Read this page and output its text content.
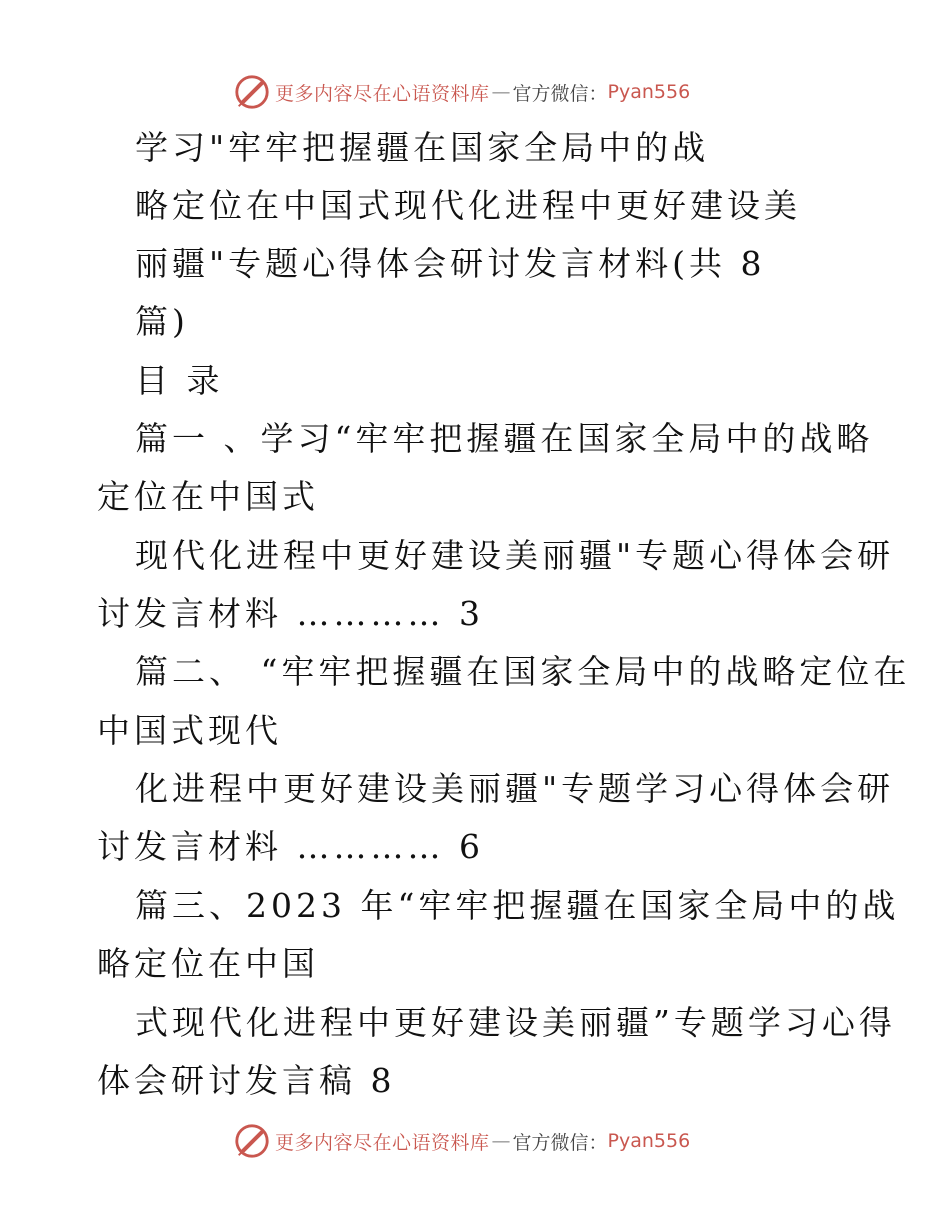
更多内容尽在心语资料库 — 官方微信： Pyan556
学习"牢牢把握疆在国家全局中的战
略定位在中国式现代化进程中更好建设美
丽疆"专题心得体会研讨发言材料(共 8
篇)
目 录
篇一 、学习“牢牢把握疆在国家全局中的战略
定位在中国式
现代化进程中更好建设美丽疆"专题心得体会研
讨发言材料 ………… 3
篇二、 “牢牢把握疆在国家全局中的战略定位在
中国式现代
化进程中更好建设美丽疆"专题学习心得体会研
讨发言材料 ………… 6
篇三、2023 年“牢牢把握疆在国家全局中的战
略定位在中国
式现代化进程中更好建设美丽疆”专题学习心得
体会研讨发言稿 8
更多内容尽在心语资料库 — 官方微信： Pyan556
